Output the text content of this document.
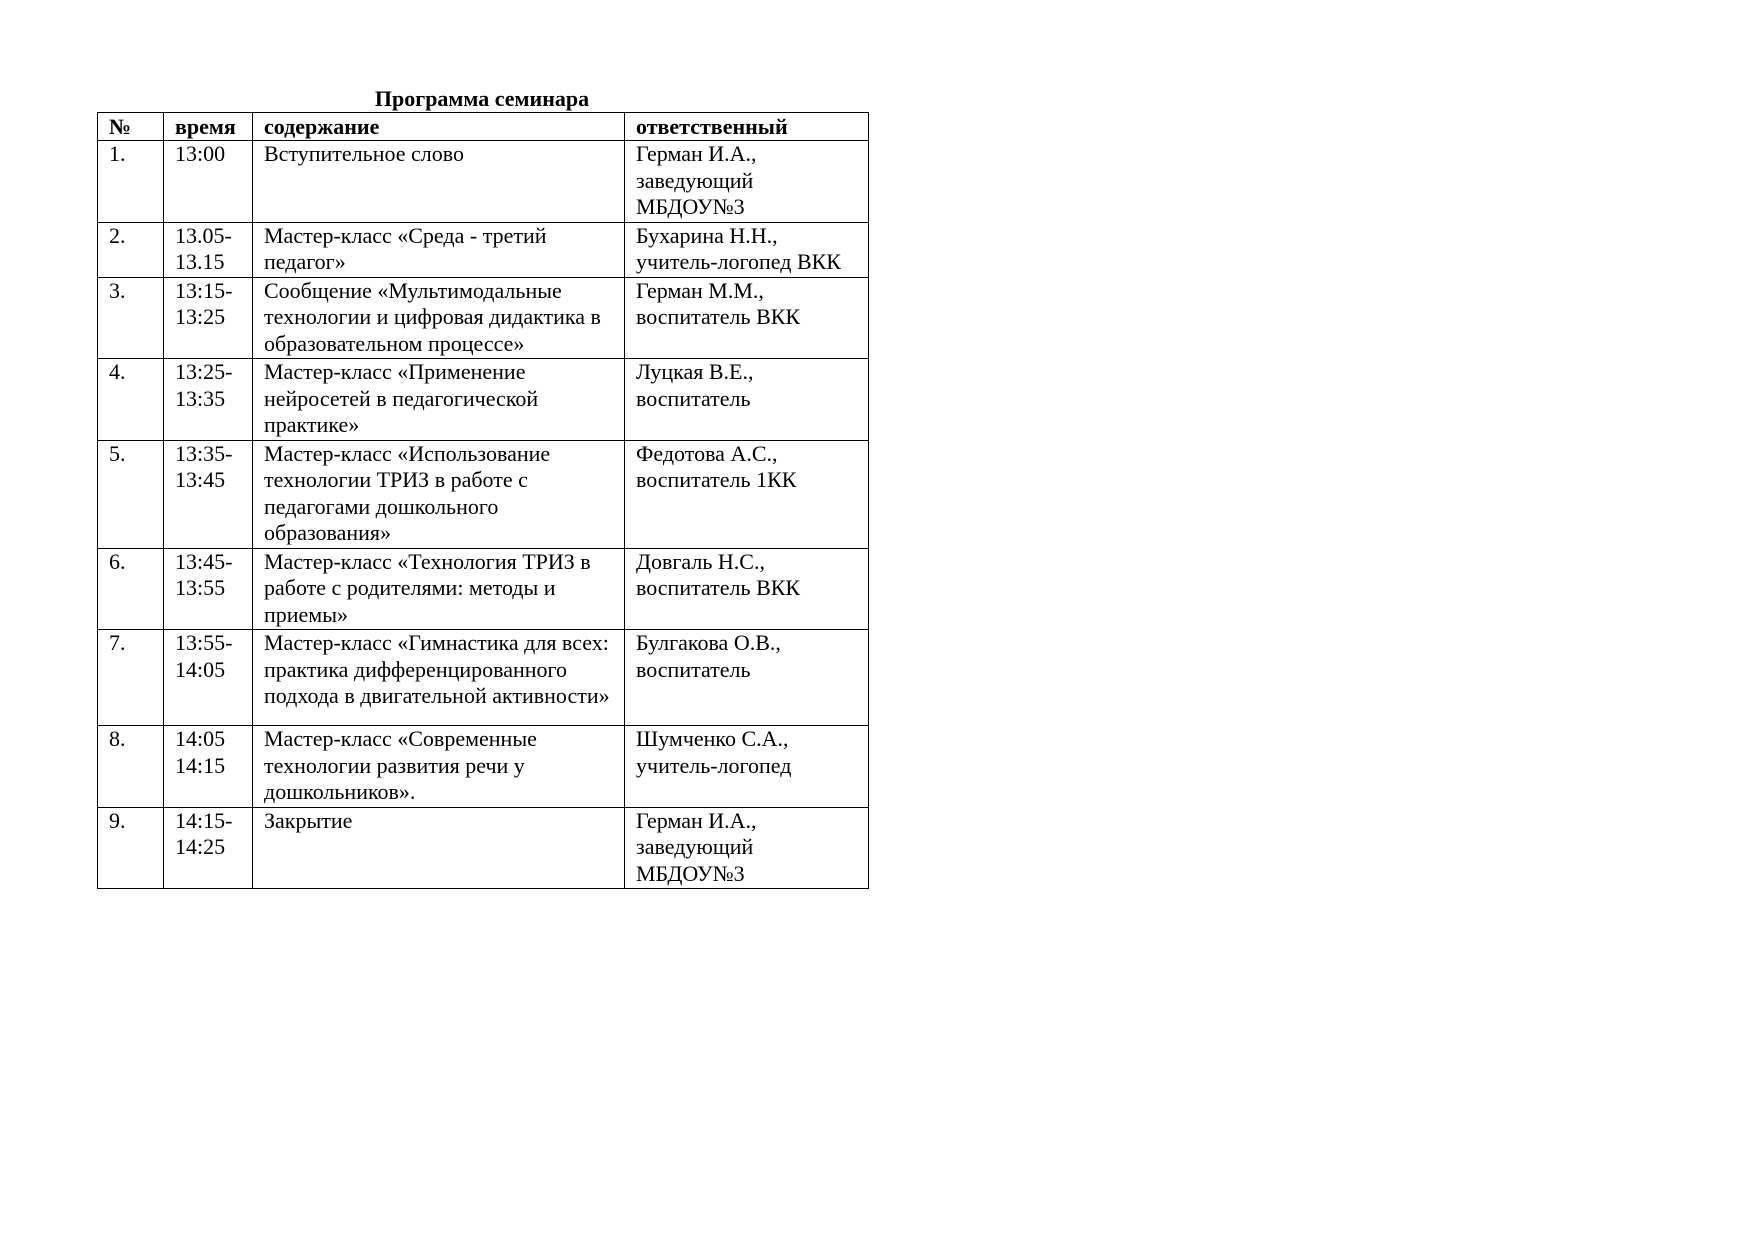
Программа семинара
№	время	содержание	ответственный
1.	13:00	Вступительное слово	Герман И.А., заведующий МБДОУ№3
2.	13.05-13.15	Мастер-класс «Среда - третий педагог»	Бухарина Н.Н., учитель-логопед ВКК
3.	13:15-13:25	Сообщение «Мультимодальные технологии и цифровая дидактика в образовательном процессе»	Герман М.М., воспитатель ВКК
4.	13:25-13:35	Мастер-класс «Применение нейросетей в педагогической практике»	Луцкая В.Е., воспитатель
5.	13:35-13:45	Мастер-класс «Использование технологии ТРИЗ в работе с педагогами дошкольного образования»	Федотова А.С., воспитатель 1КК
6.	13:45-13:55	Мастер-класс «Технология ТРИЗ в работе с родителями: методы и приемы»	Довгаль Н.С., воспитатель ВКК
7.	13:55-14:05	Мастер-класс «Гимнастика для всех: практика дифференцированного подхода в двигательной активности»	Булгакова О.В., воспитатель
8.	14:05 14:15	Мастер-класс «Современные технологии развития речи у дошкольников».	Шумченко С.А., учитель-логопед
9.	14:15-14:25	Закрытие	Герман И.А., заведующий МБДОУ№3
